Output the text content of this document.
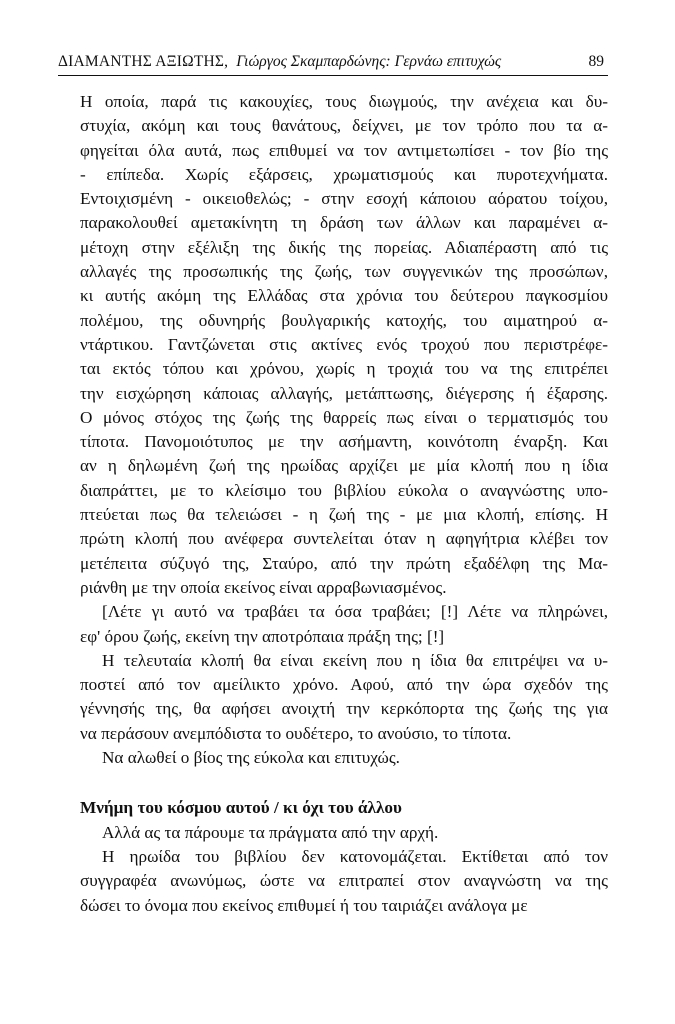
ΔΙΑΜΑΝΤΗΣ ΑΞΙΩΤΗΣ, Γιώργος Σκαμπαρδώνης: Γερνάω επιτυχώς	89
Η οποία, παρά τις κακουχίες, τους διωγμούς, την ανέχεια και δυ-
στυχία, ακόμη και τους θανάτους, δείχνει, με τον τρόπο που τα α-
φηγείται όλα αυτά, πως επιθυμεί να τον αντιμετωπίσει - τον βίο της
- επίπεδα. Χωρίς εξάρσεις, χρωματισμούς και πυροτεχνήματα.
Εντοιχισμένη - οικειοθελώς; - στην εσοχή κάποιου αόρατου τοίχου,
παρακολουθεί αμετακίνητη τη δράση των άλλων και παραμένει α-
μέτοχη στην εξέλιξη της δικής της πορείας. Αδιαπέραστη από τις
αλλαγές της προσωπικής της ζωής, των συγγενικών της προσώπων,
κι αυτής ακόμη της Ελλάδας στα χρόνια του δεύτερου παγκοσμίου
πολέμου, της οδυνηρής βουλγαρικής κατοχής, του αιματηρού α-
ντάρτικου. Γαντζώνεται στις ακτίνες ενός τροχού που περιστρέφε-
ται εκτός τόπου και χρόνου, χωρίς η τροχιά του να της επιτρέπει
την εισχώρηση κάποιας αλλαγής, μετάπτωσης, διέγερσης ή έξαρσης.
Ο μόνος στόχος της ζωής της θαρρείς πως είναι ο τερματισμός του
τίποτα. Πανομοιότυπος με την ασήμαντη, κοινότοπη έναρξη. Και
αν η δηλωμένη ζωή της ηρωίδας αρχίζει με μία κλοπή που η ίδια
διαπράττει, με το κλείσιμο του βιβλίου εύκολα ο αναγνώστης υπο-
πτεύεται πως θα τελειώσει - η ζωή της - με μια κλοπή, επίσης. Η
πρώτη κλοπή που ανέφερα συντελείται όταν η αφηγήτρια κλέβει τον
μετέπειτα σύζυγό της, Σταύρο, από την πρώτη εξαδέλφη της Μα-
ριάνθη με την οποία εκείνος είναι αρραβωνιασμένος.
[Λέτε γι αυτό να τραβάει τα όσα τραβάει; [!] Λέτε να πληρώνει,
εφ' όρου ζωής, εκείνη την αποτρόπαια πράξη της; [!]
Η τελευταία κλοπή θα είναι εκείνη που η ίδια θα επιτρέψει να υ-
ποστεί από τον αμείλικτο χρόνο. Αφού, από την ώρα σχεδόν της
γέννησής της, θα αφήσει ανοιχτή την κερκόπορτα της ζωής της για
να περάσουν ανεμπόδιστα το ουδέτερο, το ανούσιο, το τίποτα.
Να αλωθεί ο βίος της εύκολα και επιτυχώς.
Μνήμη του κόσμου αυτού / κι όχι του άλλου
Αλλά ας τα πάρουμε τα πράγματα από την αρχή.
Η ηρωίδα του βιβλίου δεν κατονομάζεται. Εκτίθεται από τον
συγγραφέα ανωνύμως, ώστε να επιτραπεί στον αναγνώστη να της
δώσει το όνομα που εκείνος επιθυμεί ή του ταιριάζει ανάλογα με
